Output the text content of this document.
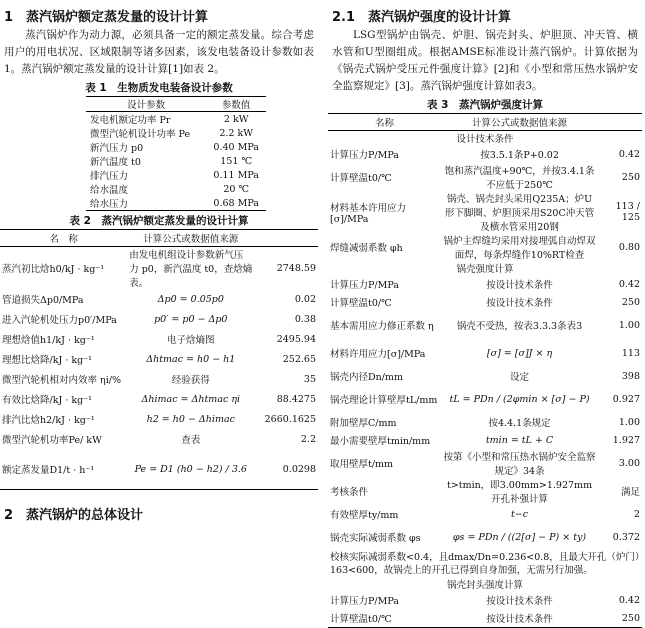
1　蒸汽锅炉额定蒸发量的设计计算

蒸汽锅炉作为动力源，必须具备一定的额定蒸发量。综合考虑用户的用电状况、区域限制等诸多因素，该发电装备设计参数如表 1。蒸汽锅炉额定蒸发量的设计计算[1]如表 2。

表 1　生物质发电装备设计参数
设计参数	参数值
发电机额定功率 Pr	2 kW
微型汽轮机设计功率 Pe	2.2 kW
新汽压力 p0	0.40 MPa
新汽温度 t0	151 ℃
排汽压力	0.11 MPa
给水温度	20 ℃
给水压力	0.68 MPa
表 2　蒸汽锅炉额定蒸发量的设计计算
名　称	计算公式或数据值来源	
蒸汽初比焓h0/kJ · kg⁻¹	由发电机组设计参数新气压力 p0，新汽温度 t0，查焓熵表。	2748.59
管道损失Δp0/MPa	Δp0 = 0.05p0	0.02
进入汽轮机处压力p0′/MPa	p0′ = p0 − Δp0	0.38
理想焓值h1/kJ · kg⁻¹	电子焓熵图	2495.94
理想比焓降/kJ · kg⁻¹	Δhtmac = h0 − h1	252.65
微型汽轮机相对内效率 ηi/%	经验获得	35
有效比焓降/kJ · kg⁻¹	Δhimac = Δhtmac ηi	88.4275
排汽比焓h2/kJ · kg⁻¹	h2 = h0 − Δhimac	2660.1625
微型汽轮机功率Pe/ kW	查表	2.2
额定蒸发量D1/t · h⁻¹	Pe = D1 (h0 − h2) / 3.6	0.0298
2　蒸汽锅炉的总体设计
2.1　蒸汽锅炉强度的设计计算

LSG型锅炉由锅壳、炉胆、锅壳封头、炉胆顶、冲天管、横水管和U型圈组成。根据AMSE标准设计蒸汽锅炉。计算依据为《锅壳式锅炉受压元件强度计算》[2]和《小型和常压热水锅炉安全监察规定》[3]。蒸汽锅炉强度计算如表3。

表 3　蒸汽锅炉强度计算
名称	计算公式或数据值来源	
设计技术条件		
计算压力P/MPa	按3.5.1条P+0.02	0.42
计算壁温t0/℃	饱和蒸汽温度+90℃，并按3.4.1条不应低于250℃	250
材料基本许用应力[σ]/MPa	锅壳、锅壳封头采用Q235A；炉U形下脚圈、炉胆顶采用S20C冲天管及横水管采用20钢	113 / 125
焊缝减弱系数 φh	锅炉主焊缝均采用对接埋弧自动焊双面焊，每条焊缝作10%RT检查	0.80
锅壳强度计算		
计算压力P/MPa	按设计技术条件	0.42
计算壁温t0/℃	按设计技术条件	250
基本需用应力修正系数 η	锅壳不受热，按表3.3.3条表3	1.00
材料许用应力[σ]/MPa	[σ] = [σ]J × η	113
锅壳内径Dn/mm	设定	398
锅壳理论计算壁厚tL/mm	tL = PDn / (2φmin × [σ] − P)	0.927
附加壁厚C/mm	按4.4.1条规定	1.00
最小需要壁厚tmin/mm	tmin = tL + C	1.927
取用壁厚t/mm	按第《小型和常压热水锅炉安全监察规定》34条	3.00
考核条件	t>tmin，即3.00mm>1.927mm 开孔补强计算	满足
有效壁厚ty/mm	t−c	2
锅壳实际减弱系数 φs	φs = PDn / ((2[σ] − P) × ty)	0.372
校核实际减弱系数<0.4，且dmax/Dn=0.236<0.8，且最大开孔（炉门）163<600，故锅壳上的开孔已得到自身加强，无需另行加强。		
锅壳封头强度计算		
计算压力P/MPa	按设计技术条件	0.42
计算壁温t0/℃	按设计技术条件	250
